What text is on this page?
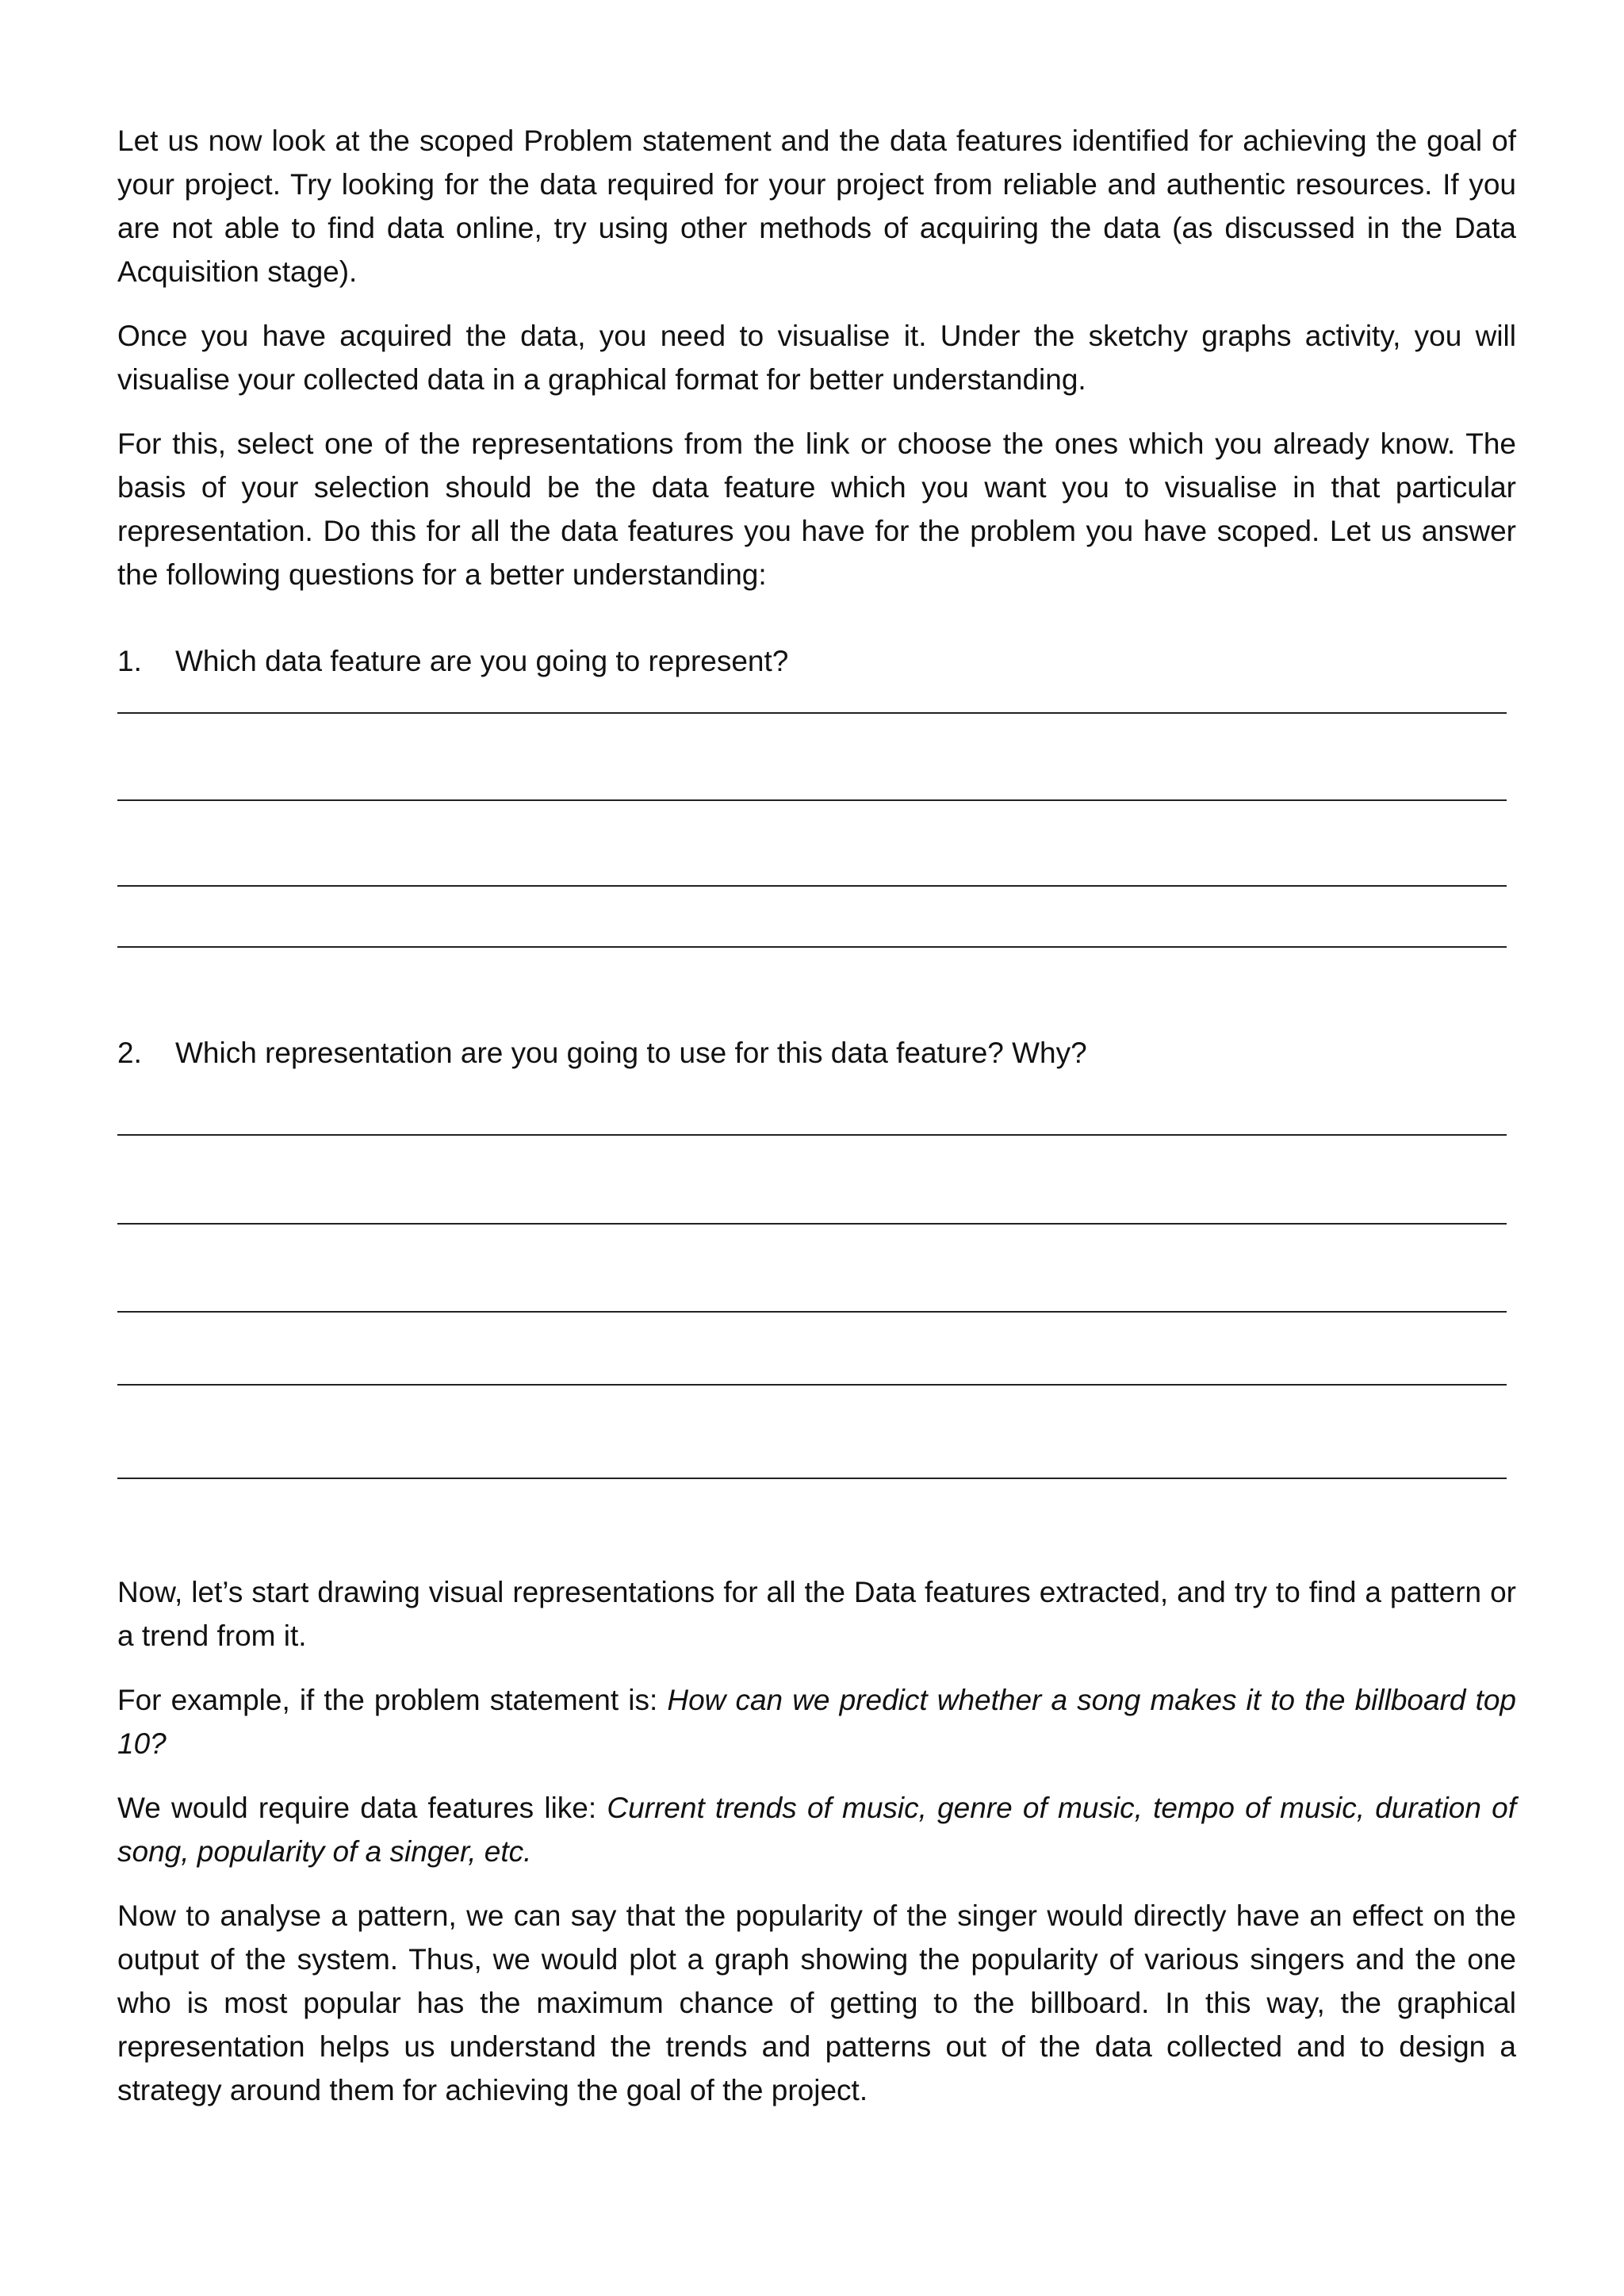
Let us now look at the scoped Problem statement and the data features identified for achieving the goal of your project. Try looking for the data required for your project from reliable and authentic resources. If you are not able to find data online, try using other methods of acquiring the data (as discussed in the Data Acquisition stage).

Once you have acquired the data, you need to visualise it. Under the sketchy graphs activity, you will visualise your collected data in a graphical format for better understanding.

For this, select one of the representations from the link or choose the ones which you already know. The basis of your selection should be the data feature which you want you to visualise in that particular representation. Do this for all the data features you have for the problem you have scoped. Let us answer the following questions for a better understanding:

1.	Which data feature are you going to represent?
2.	Which representation are you going to use for this data feature? Why?

Now, let’s start drawing visual representations for all the Data features extracted, and try to find a pattern or a trend from it.

For example, if the problem statement is: How can we predict whether a song makes it to the billboard top 10?

We would require data features like: Current trends of music, genre of music, tempo of music, duration of song, popularity of a singer, etc.

Now to analyse a pattern, we can say that the popularity of the singer would directly have an effect on the output of the system. Thus, we would plot a graph showing the popularity of various singers and the one who is most popular has the maximum chance of getting to the billboard. In this way, the graphical representation helps us understand the trends and patterns out of the data collected and to design a strategy around them for achieving the goal of the project.
